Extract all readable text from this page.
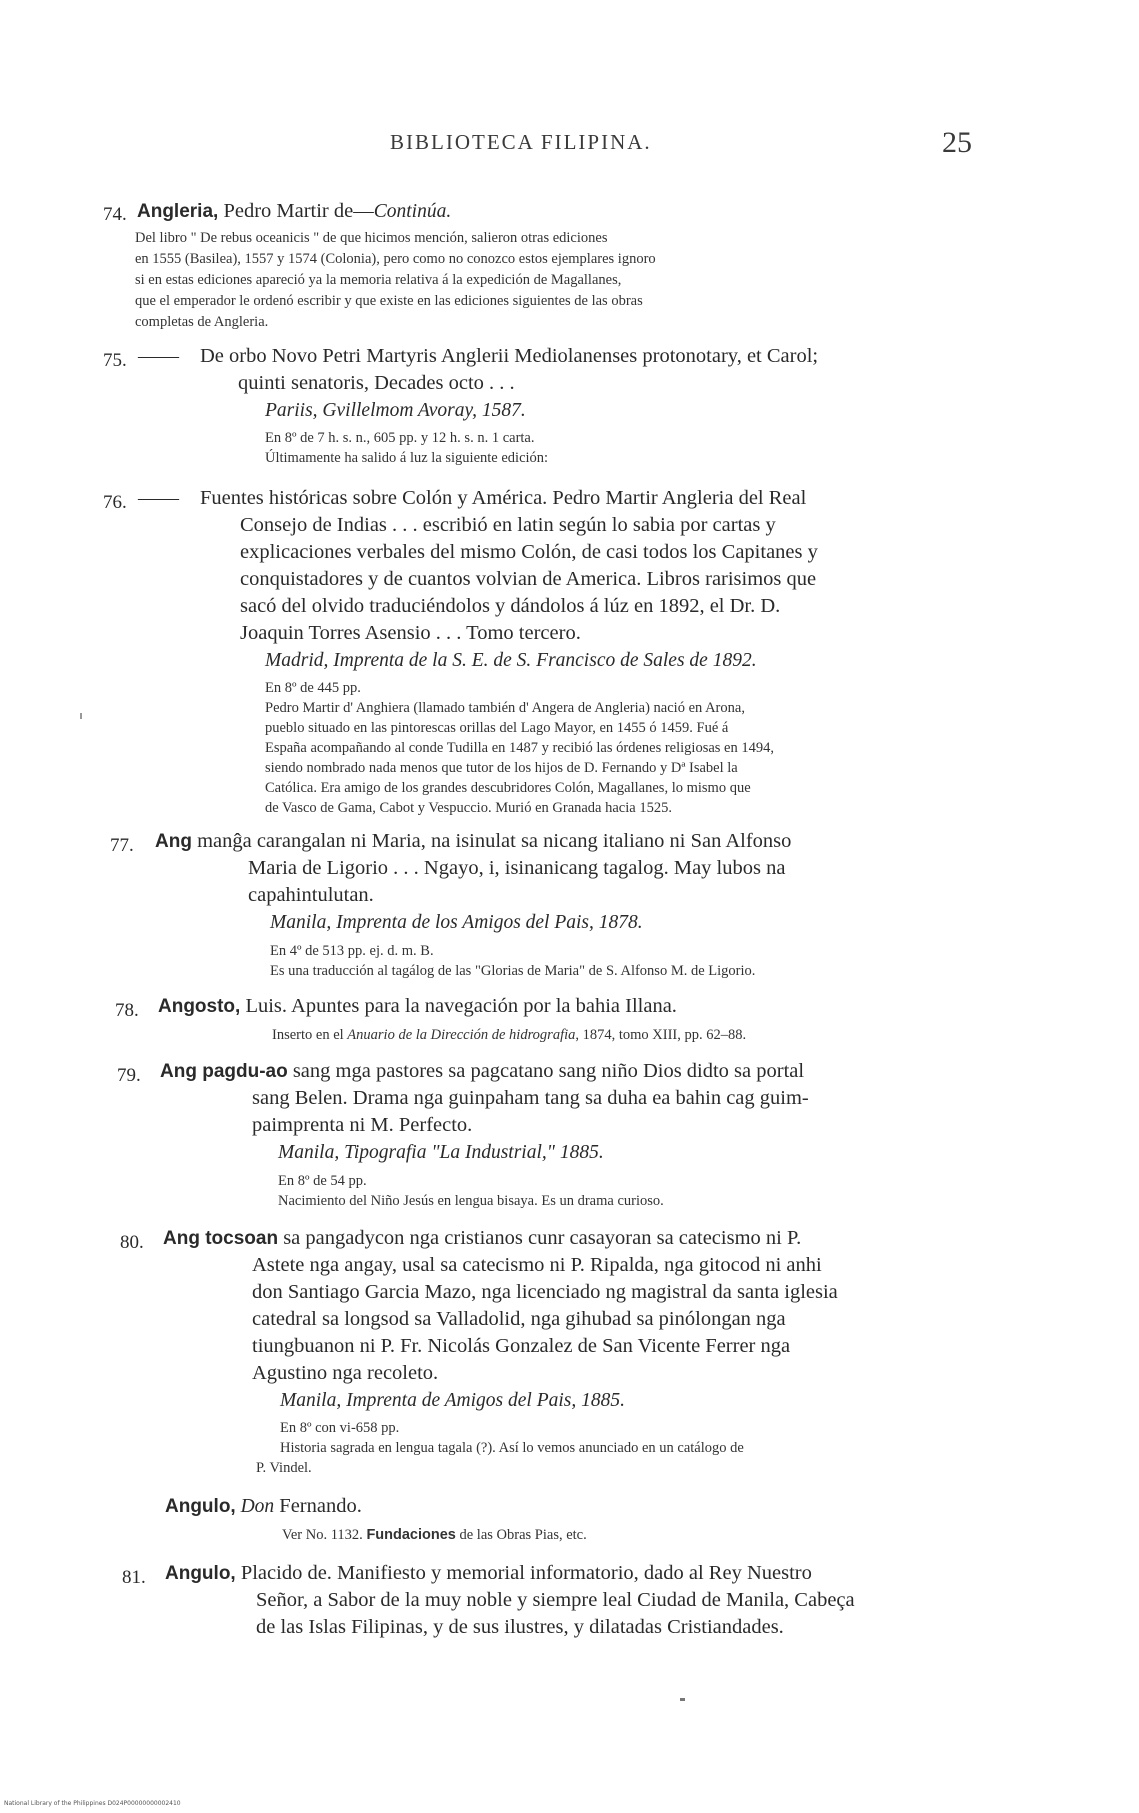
BIBLIOTECA FILIPINA.	25
74. Angleria, Pedro Martir de—Continúa.
Del libro " De rebus oceanicis " de que hicimos mención, salieron otras ediciones
en 1555 (Basilea), 1557 y 1574 (Colonia), pero como no conozco estos ejemplares ignoro
si en estas ediciones apareció ya la memoria relativa á la expedición de Magallanes,
que el emperador le ordenó escribir y que existe en las ediciones siguientes de las obras
completas de Angleria.
75. —— De orbo Novo Petri Martyris Anglerii Mediolanenses protonotary, et Carol;
quinti senatoris, Decades octo . . .
Pariis, Gvillelmom Avoray, 1587.
En 8º de 7 h. s. n., 605 pp. y 12 h. s. n. 1 carta.
Últimamente ha salido á luz la siguiente edición:
76. —— Fuentes históricas sobre Colón y América. Pedro Martir Angleria del Real
Consejo de Indias . . . escribió en latin según lo sabia por cartas y
explicaciones verbales del mismo Colón, de casi todos los Capitanes y
conquistadores y de cuantos volvian de America. Libros rarisimos que
sacó del olvido traduciéndolos y dándolos á lúz en 1892, el Dr. D.
Joaquin Torres Asensio . . . Tomo tercero.
Madrid, Imprenta de la S. E. de S. Francisco de Sales de 1892.
En 8º de 445 pp.
Pedro Martir d' Anghiera (llamado también d' Angera de Angleria) nació en Arona,
pueblo situado en las pintorescas orillas del Lago Mayor, en 1455 ó 1459. Fué á
España acompañando al conde Tudilla en 1487 y recibió las órdenes religiosas en 1494,
siendo nombrado nada menos que tutor de los hijos de D. Fernando y Dª Isabel la
Católica. Era amigo de los grandes descubridores Colón, Magallanes, lo mismo que
de Vasco de Gama, Cabot y Vespuccio. Murió en Granada hacia 1525.
77. Ang manĝa carangalan ni Maria, na isinulat sa nicang italiano ni San Alfonso
Maria de Ligorio . . . Ngayo, i, isinanicang tagalog. May lubos na
capahintulutan.
Manila, Imprenta de los Amigos del Pais, 1878.
En 4º de 513 pp. ej. d. m. B.
Es una traducción al tagálog de las "Glorias de Maria" de S. Alfonso M. de Ligorio.
78. Angosto, Luis. Apuntes para la navegación por la bahia Illana.
Inserto en el Anuario de la Dirección de hidrografia, 1874, tomo XIII, pp. 62–88.
79. Ang pagdu-ao sang mga pastores sa pagcatano sang niño Dios didto sa portal
sang Belen. Drama nga guinpaham tang sa duha ea bahin cag guim-
paimprenta ni M. Perfecto.
Manila, Tipografia "La Industrial," 1885.
En 8º de 54 pp.
Nacimiento del Niño Jesús en lengua bisaya. Es un drama curioso.
80. Ang tocsoan sa pangadycon nga cristianos cunr casayoran sa catecismo ni P.
Astete nga angay, usal sa catecismo ni P. Ripalda, nga gitocod ni anhi
don Santiago Garcia Mazo, nga licenciado ng magistral da santa iglesia
catedral sa longsod sa Valladolid, nga gihubad sa pinólongan nga
tiungbuanon ni P. Fr. Nicolás Gonzalez de San Vicente Ferrer nga
Agustino nga recoleto.
Manila, Imprenta de Amigos del Pais, 1885.
En 8º con vi-658 pp.
Historia sagrada en lengua tagala (?). Así lo vemos anunciado en un catálogo de
P. Vindel.
Angulo, Don Fernando.
Ver No. 1132. Fundaciones de las Obras Pias, etc.
81. Angulo, Placido de. Manifiesto y memorial informatorio, dado al Rey Nuestro
Señor, a Sabor de la muy noble y siempre leal Ciudad de Manila, Cabeça
de las Islas Filipinas, y de sus ilustres, y dilatadas Cristiandades.
National Library of the Philippines D024P00000000002410
